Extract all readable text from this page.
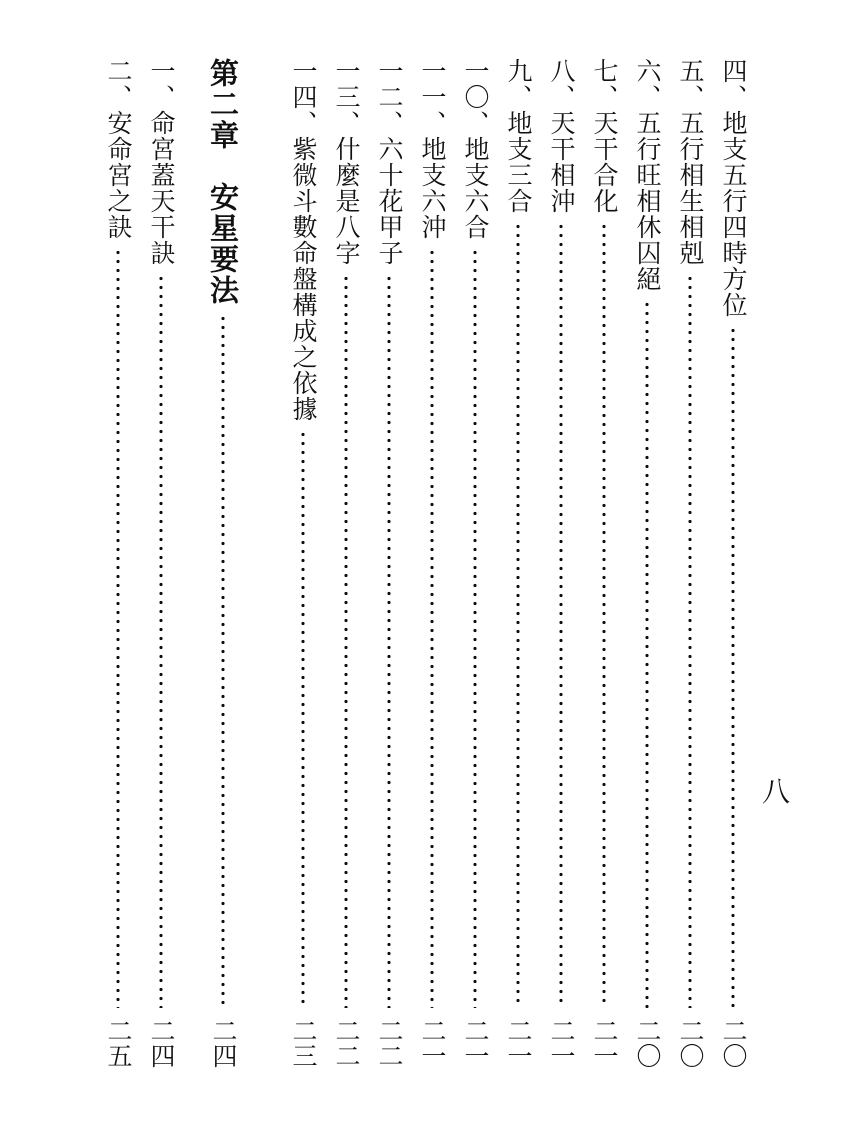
四、地支五行四時方位
二〇
五、五行相生相剋
二〇
六、五行旺相休囚絕
二〇
七、天干合化
二一
八、天干相沖
二一
九、地支三合
二一
一〇、地支六合
二一
一一、地支六沖
二一
一二、六十花甲子
二二
一三、什麼是八字
二二
一四、紫微斗數命盤構成之依據
二三
第二章　安星要法
二四
一、命宮蓋天干訣
二四
二、安命宮之訣
二五
八
